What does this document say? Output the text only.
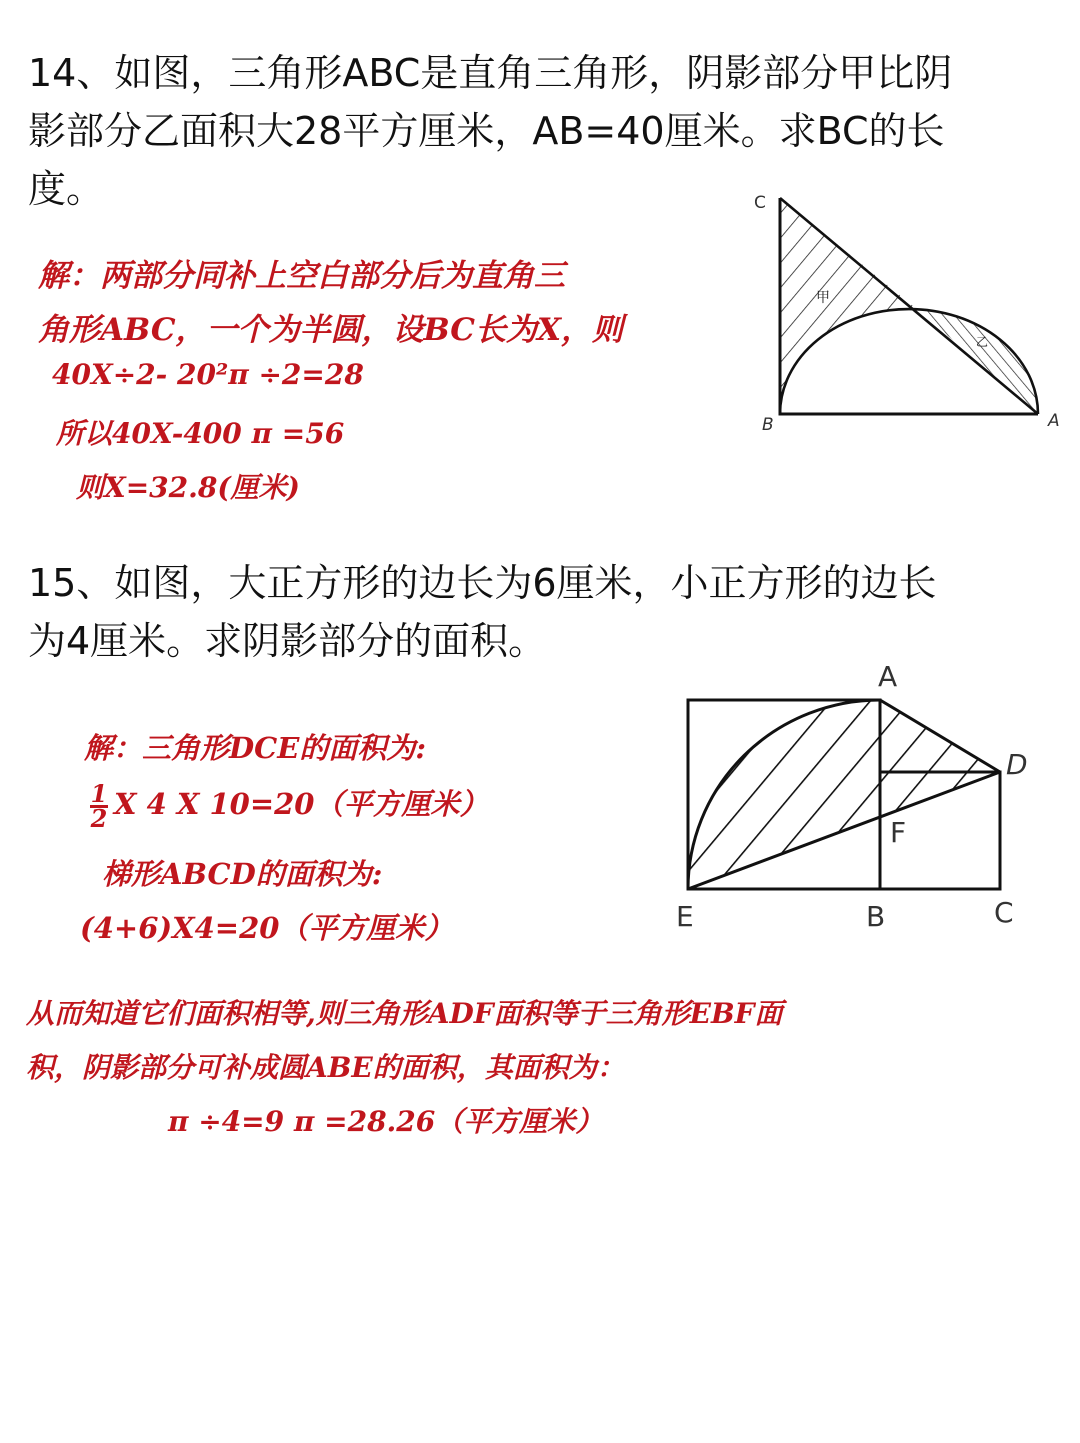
14、如图，三角形ABC是直角三角形，阴影部分甲比阴

影部分乙面积大28平方厘米，AB=40厘米。求BC的长

度。

解：两部分同补上空白部分后为直角三
角形ABC，一个为半圆，设BC长为X，则
40X÷2- 20²π ÷2=28
所以40X-400 π =56
则X=32.8(厘米)
C
B	A
甲
乙

15、如图，大正方形的边长为6厘米，小正方形的边长

为4厘米。求阴影部分的面积。

解：三角形DCE的面积为:
$\frac{1}{2}$ X 4 X 10=20（平方厘米）
梯形ABCD的面积为:
(4+6)X4=20（平方厘米）
从而知道它们面积相等,则三角形ADF面积等于三角形EBF面
积，阴影部分可补成圆ABE的面积，其面积为：
π ÷4=9 π =28.26（平方厘米）
A
D
F
E	B	C
